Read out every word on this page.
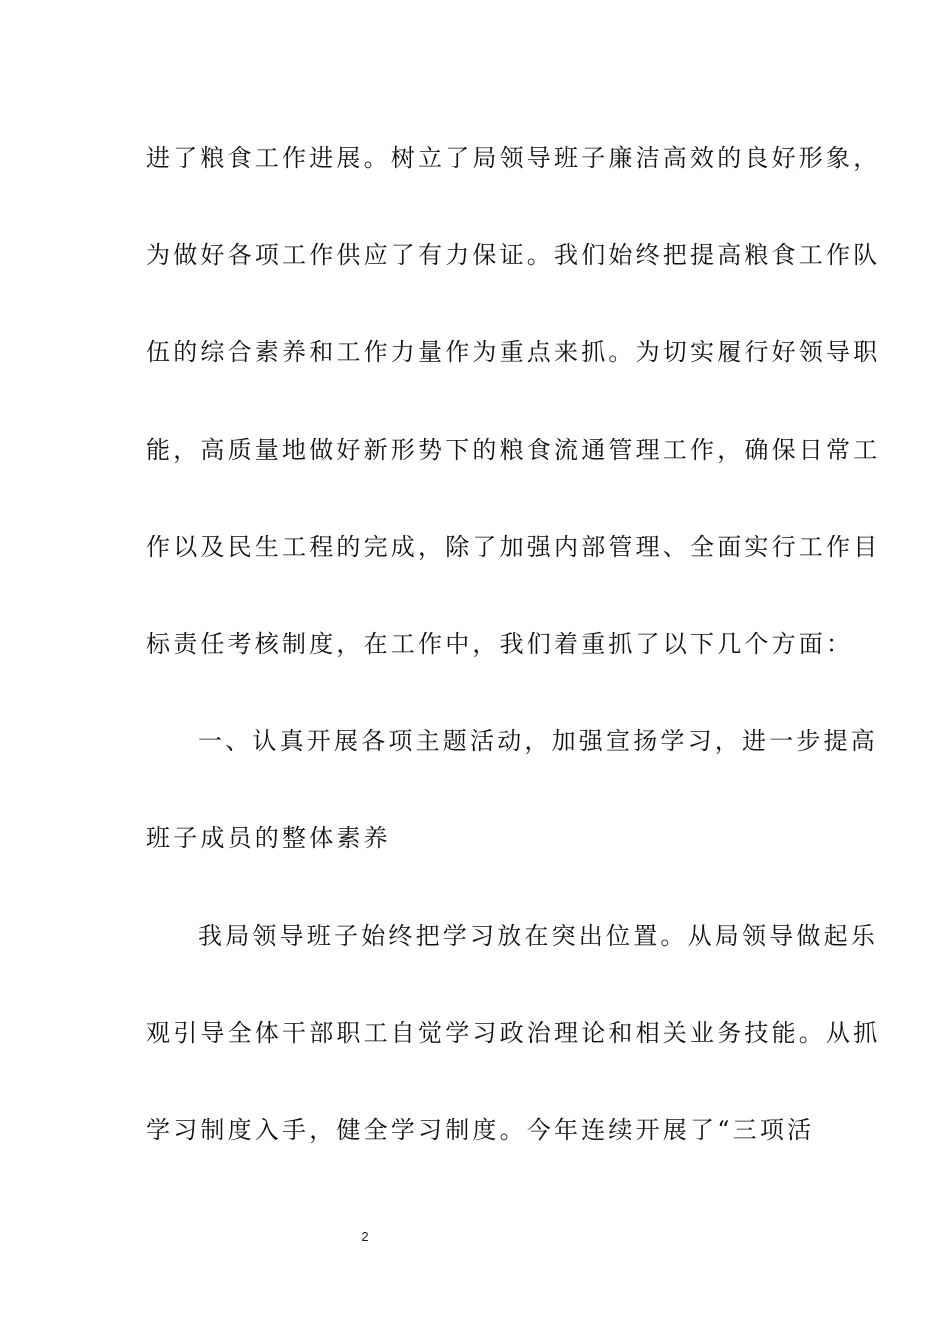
进了粮食工作进展。树立了局领导班子廉洁高效的良好形象，
为做好各项工作供应了有力保证。我们始终把提高粮食工作队
伍的综合素养和工作力量作为重点来抓。为切实履行好领导职
能，高质量地做好新形势下的粮食流通管理工作，确保日常工
作以及民生工程的完成，除了加强内部管理、全面实行工作目
标责任考核制度，在工作中，我们着重抓了以下几个方面：
一、认真开展各项主题活动，加强宣扬学习，进一步提高
班子成员的整体素养
我局领导班子始终把学习放在突出位置。从局领导做起乐
观引导全体干部职工自觉学习政治理论和相关业务技能。从抓
学习制度入手，健全学习制度。今年连续开展了“三项活
2
